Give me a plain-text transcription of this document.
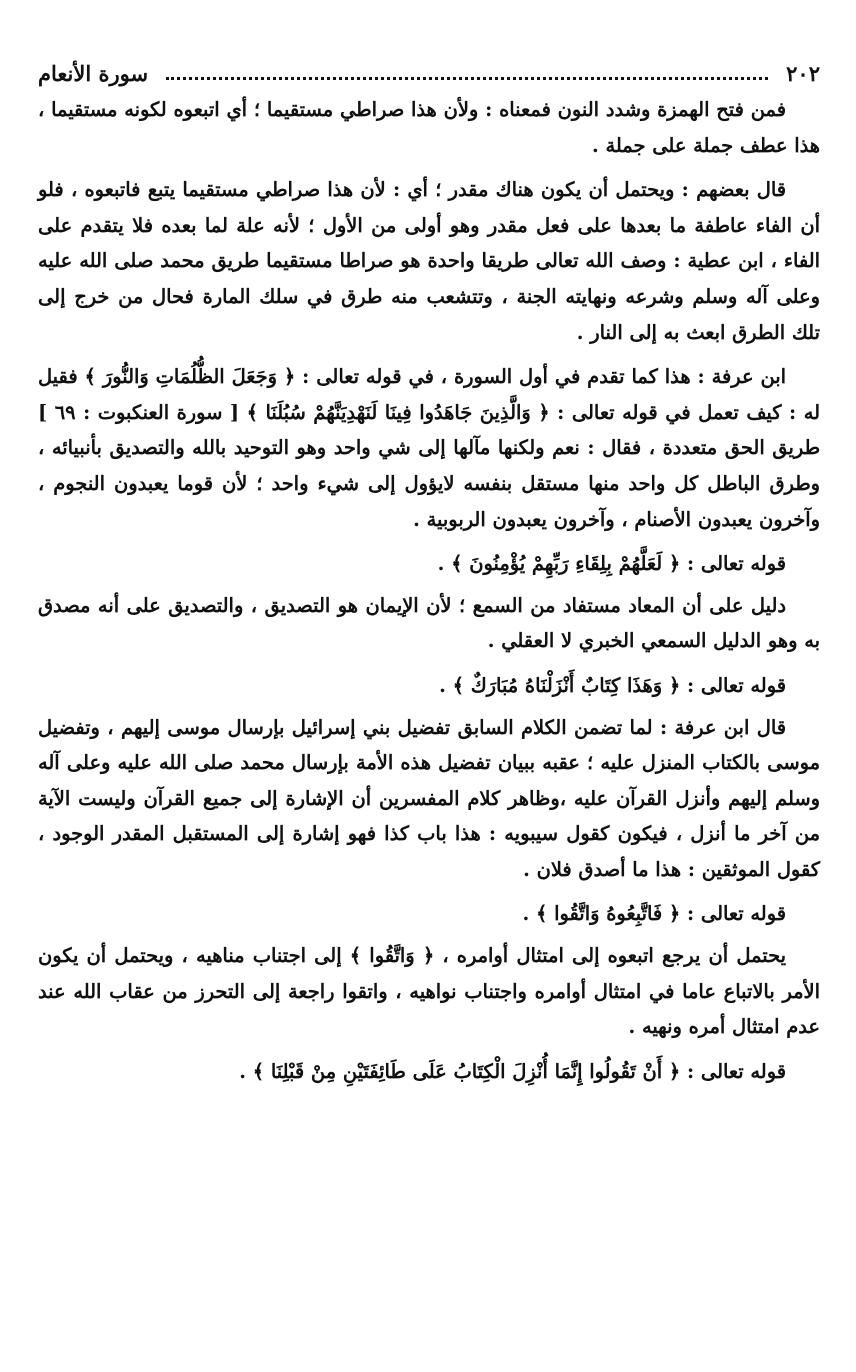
٢٠٢
سورة الأنعام

فمن فتح الهمزة وشدد النون فمعناه : ولأن هذا صراطي مستقيما ؛ أي اتبعوه لكونه مستقيما ، هذا عطف جملة على جملة .

قال بعضهم : ويحتمل أن يكون هناك مقدر ؛ أي : لأن هذا صراطي مستقيما يتبع فاتبعوه ، فلو أن الفاء عاطفة ما بعدها على فعل مقدر وهو أولى من الأول ؛ لأنه علة لما بعده فلا يتقدم على الفاء ، ابن عطية : وصف الله تعالى طريقا واحدة هو صراطا مستقيما طريق محمد صلى الله عليه وعلى آله وسلم وشرعه ونهايته الجنة ، وتتشعب منه طرق في سلك المارة فحال من خرج إلى تلك الطرق ابعث به إلى النار .

ابن عرفة : هذا كما تقدم في أول السورة ، في قوله تعالى : ﴿ وَجَعَلَ الظُّلُمَاتِ وَالنُّورَ ﴾ فقيل له : كيف تعمل في قوله تعالى : ﴿ وَالَّذِينَ جَاهَدُوا فِينَا لَنَهْدِيَنَّهُمْ سُبُلَنَا ﴾ [ سورة العنكبوت : ٦٩ ] طريق الحق متعددة ، فقال : نعم ولكنها مآلها إلى شي واحد وهو التوحيد بالله والتصديق بأنبيائه ، وطرق الباطل كل واحد منها مستقل بنفسه لايؤول إلى شيء واحد ؛ لأن قوما يعبدون النجوم ، وآخرون يعبدون الأصنام ، وآخرون يعبدون الربوبية .

قوله تعالى : ﴿ لَعَلَّهُمْ بِلِقَاءِ رَبِّهِمْ يُؤْمِنُونَ ﴾ .

دليل على أن المعاد مستفاد من السمع ؛ لأن الإيمان هو التصديق ، والتصديق على أنه مصدق به وهو الدليل السمعي الخبري لا العقلي .

قوله تعالى : ﴿ وَهَذَا كِتَابٌ أَنْزَلْنَاهُ مُبَارَكٌ ﴾ .

قال ابن عرفة : لما تضمن الكلام السابق تفضيل بني إسرائيل بإرسال موسى إليهم ، وتفضيل موسى بالكتاب المنزل عليه ؛ عقبه ببيان تفضيل هذه الأمة بإرسال محمد صلى الله عليه وعلى آله وسلم إليهم وأنزل القرآن عليه ،وظاهر كلام المفسرين أن الإشارة إلى جميع القرآن وليست الآية من آخر ما أنزل ، فيكون كقول سيبويه : هذا باب كذا فهو إشارة إلى المستقبل المقدر الوجود ، كقول الموثقين : هذا ما أصدق فلان .

قوله تعالى : ﴿ فَاتَّبِعُوهُ وَاتَّقُوا ﴾ .

يحتمل أن يرجع اتبعوه إلى امتثال أوامره ، ﴿ وَاتَّقُوا ﴾ إلى اجتناب مناهيه ، ويحتمل أن يكون الأمر بالاتباع عاما في امتثال أوامره واجتناب نواهيه ، واتقوا راجعة إلى التحرز من عقاب الله عند عدم امتثال أمره ونهيه .

قوله تعالى : ﴿ أَنْ تَقُولُوا إِنَّمَا أُنْزِلَ الْكِتَابُ عَلَى طَائِفَتَيْنِ مِنْ قَبْلِنَا ﴾ .
